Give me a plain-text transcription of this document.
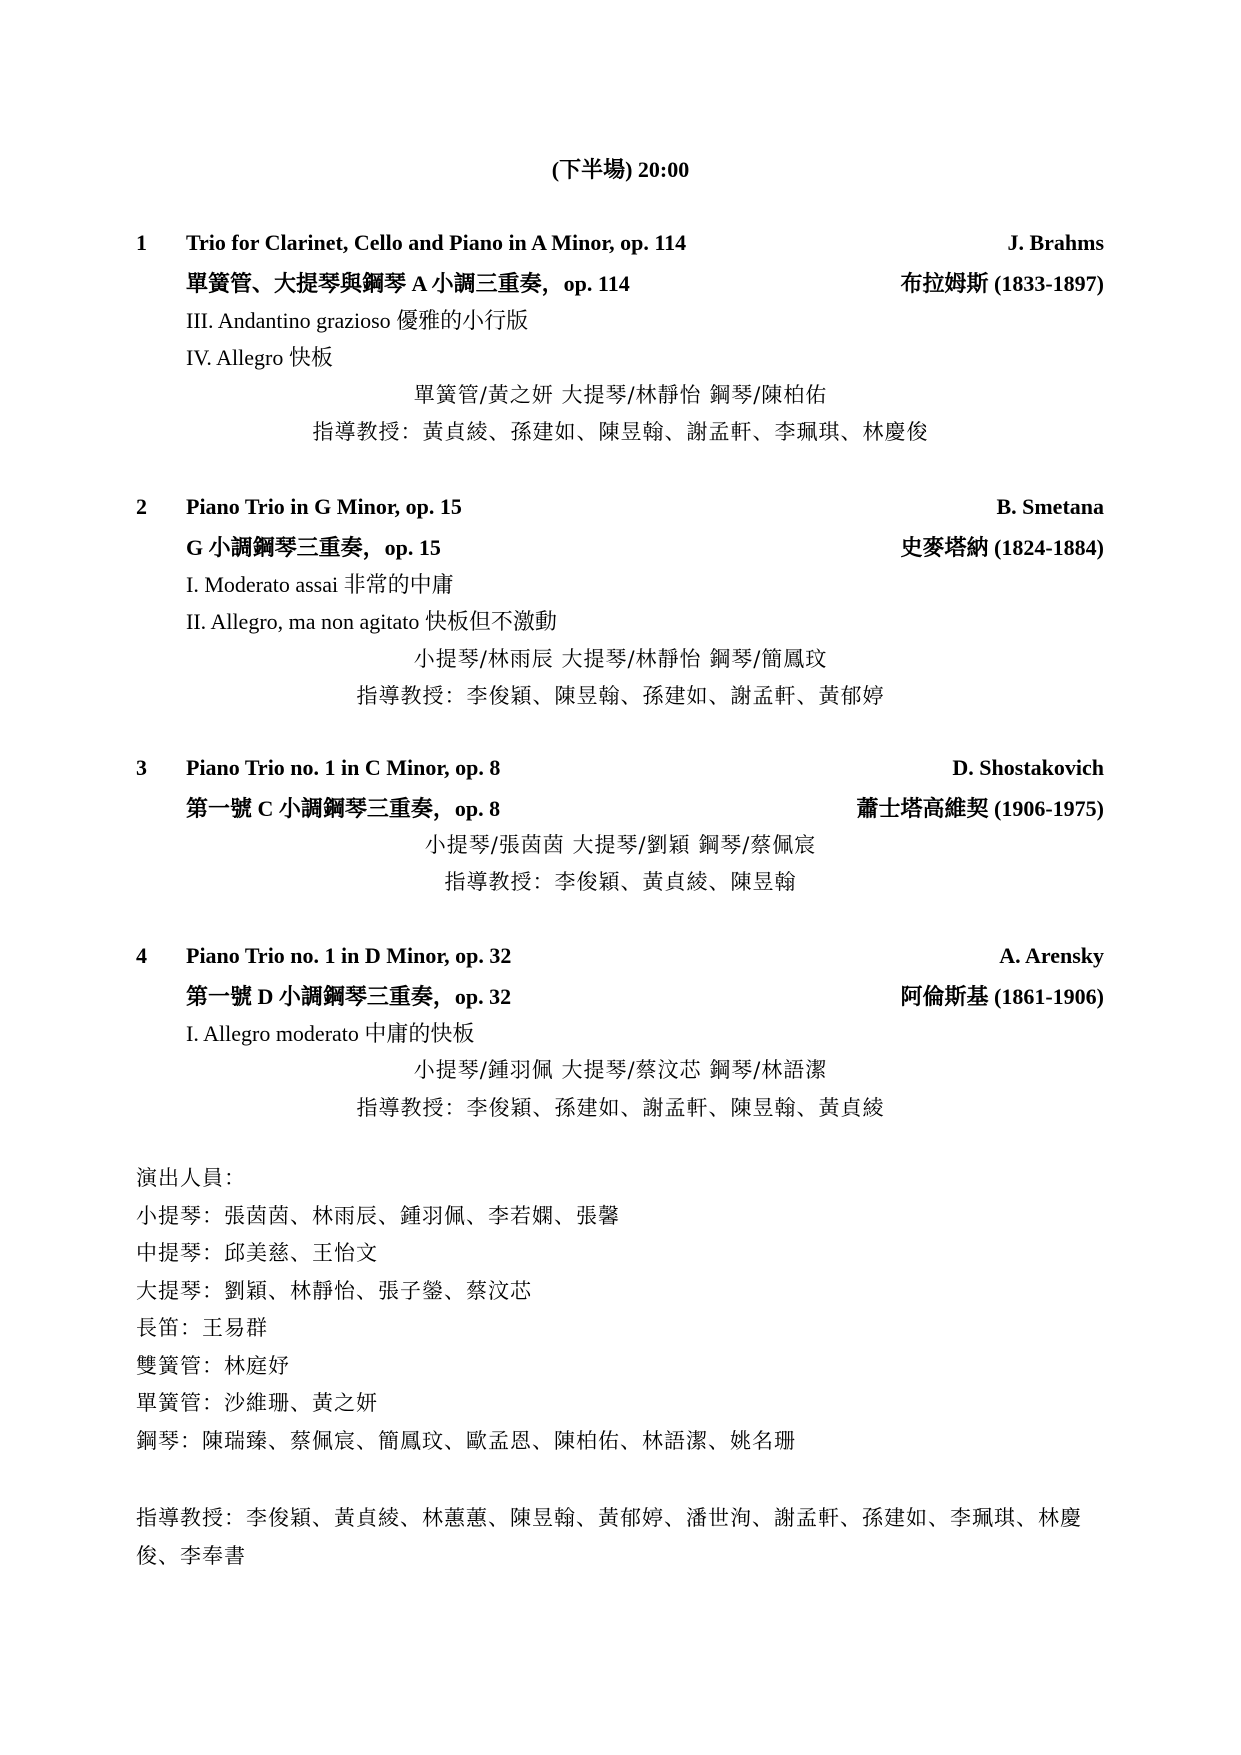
(下半場) 20:00
1 Trio for Clarinet, Cello and Piano in A Minor, op. 114	J. Brahms
單簧管、大提琴與鋼琴 A 小調三重奏，op. 114	布拉姆斯 (1833-1897)
III. Andantino grazioso 優雅的小行版
IV. Allegro 快板
單簧管/黃之妍 大提琴/林靜怡 鋼琴/陳柏佑
指導教授：黃貞綾、孫建如、陳昱翰、謝孟軒、李珮琪、林慶俊
2 Piano Trio in G Minor, op. 15	B. Smetana
G 小調鋼琴三重奏，op. 15	史麥塔納 (1824-1884)
I. Moderato assai 非常的中庸
II. Allegro, ma non agitato 快板但不激動
小提琴/林雨辰 大提琴/林靜怡 鋼琴/簡鳳玟
指導教授：李俊穎、陳昱翰、孫建如、謝孟軒、黃郁婷
3 Piano Trio no. 1 in C Minor, op. 8	D. Shostakovich
第一號 C 小調鋼琴三重奏，op. 8	蕭士塔高維契 (1906-1975)
小提琴/張茵茵 大提琴/劉穎 鋼琴/蔡佩宸
指導教授：李俊穎、黃貞綾、陳昱翰
4 Piano Trio no. 1 in D Minor, op. 32	A. Arensky
第一號 D 小調鋼琴三重奏，op. 32	阿倫斯基 (1861-1906)
I. Allegro moderato 中庸的快板
小提琴/鍾羽佩 大提琴/蔡汶芯 鋼琴/林語潔
指導教授：李俊穎、孫建如、謝孟軒、陳昱翰、黃貞綾
演出人員：
小提琴：張茵茵、林雨辰、鍾羽佩、李若嫻、張馨
中提琴：邱美慈、王怡文
大提琴：劉穎、林靜怡、張子鎣、蔡汶芯
長笛：王易群
雙簧管：林庭妤
單簧管：沙維珊、黃之妍
鋼琴：陳瑞臻、蔡佩宸、簡鳳玟、歐孟恩、陳柏佑、林語潔、姚名珊
指導教授：李俊穎、黃貞綾、林蕙蕙、陳昱翰、黃郁婷、潘世洵、謝孟軒、孫建如、李珮琪、林慶俊、李奉書
